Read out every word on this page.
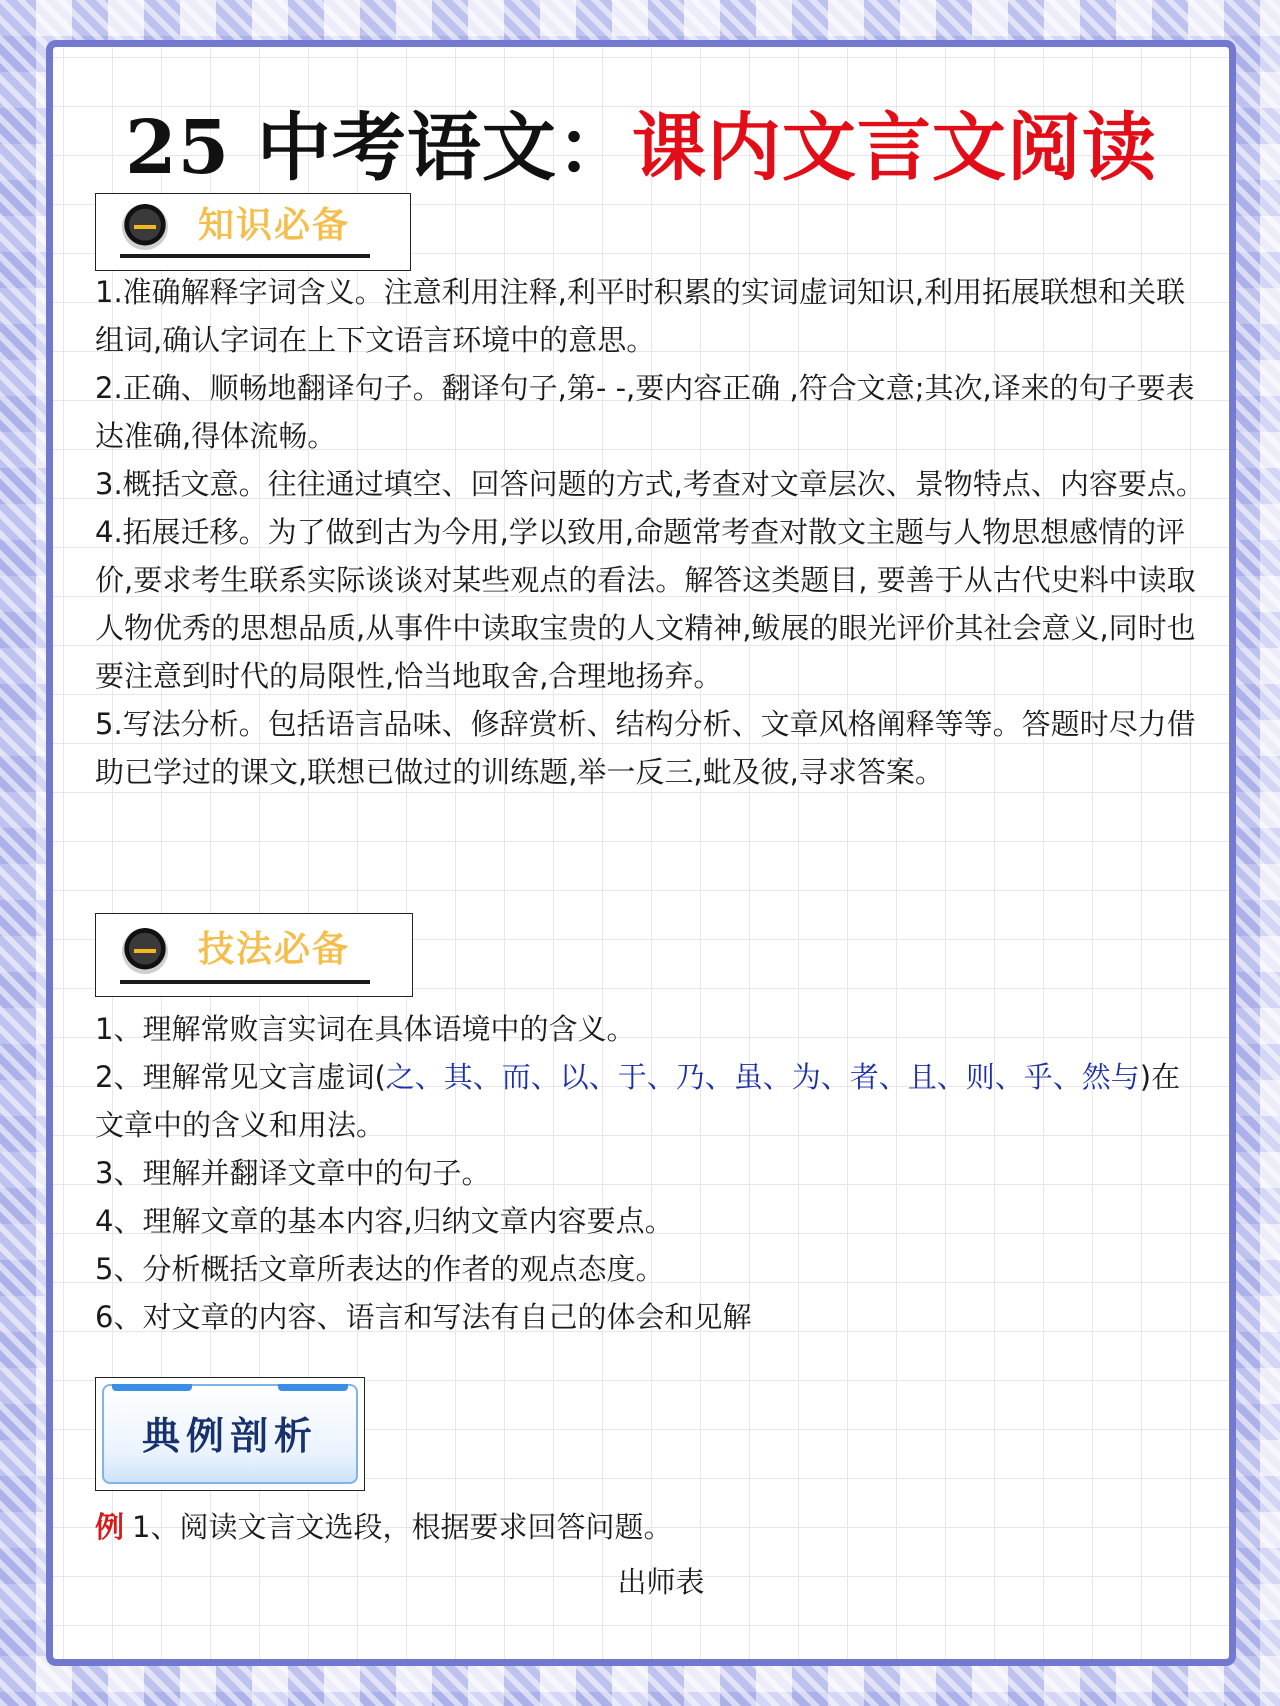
25 中考语文：课内文言文阅读
知识必备

1.准确解释字词含义。注意利用注释,利平时积累的实词虚词知识,利用拓展联想和关联组词,确认字词在上下文语言环境中的意思。

2.正确、顺畅地翻译句子。翻译句子,第- -,要内容正确 ,符合文意;其次,译来的句子要表达准确,得体流畅。

3.概括文意。往往通过填空、回答问题的方式,考查对文章层次、景物特点、内容要点。

4.拓展迁移。为了做到古为今用,学以致用,命题常考查对散文主题与人物思想感情的评价,要求考生联系实际谈谈对某些观点的看法。解答这类题目, 要善于从古代史料中读取人物优秀的思想品质,从事件中读取宝贵的人文精神,鲅展的眼光评价其社会意义,同时也要注意到时代的局限性,恰当地取舍,合理地扬弃。

5.写法分析。包括语言品味、修辞赏析、结构分析、文章风格阐释等等。答题时尽力借助已学过的课文,联想已做过的训练题,举一反三,蚍及彼,寻求答案。

技法必备

1、理解常败言实词在具体语境中的含义。

2、理解常见文言虚词(之、其、而、以、于、乃、虽、为、者、且、则、乎、然与)在文章中的含义和用法。

3、理解并翻译文章中的句子。

4、理解文章的基本内容,归纳文章内容要点。

5、分析概括文章所表达的作者的观点态度。

6、对文章的内容、语言和写法有自己的体会和见解

典例剖析
例 1、阅读文言文选段，根据要求回答问题。
出师表
